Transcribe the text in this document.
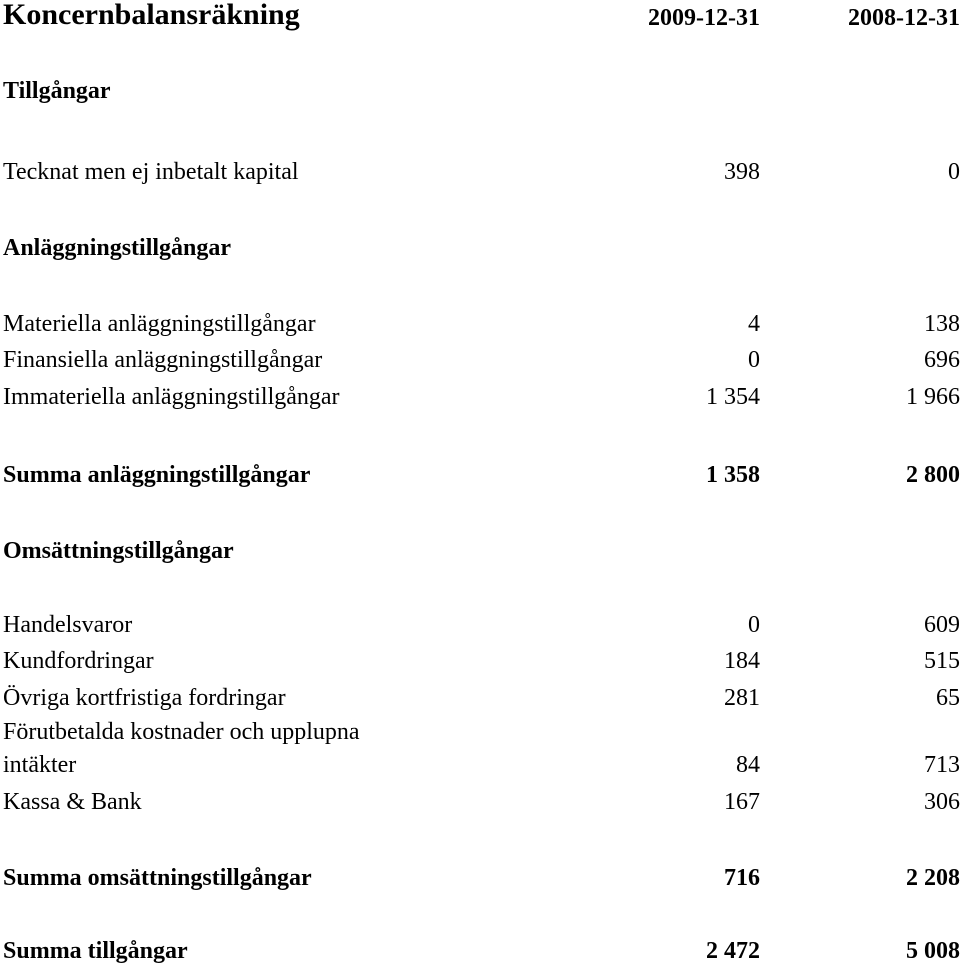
Koncernbalansräkning	2009-12-31	2008-12-31
Tillgångar
Tecknat men ej inbetalt kapital	398	0
Anläggningstillgångar
Materiella anläggningstillgångar	4	138
Finansiella anläggningstillgångar	0	696
Immateriella anläggningstillgångar	1 354	1 966
Summa anläggningstillgångar	1 358	2 800
Omsättningstillgångar
Handelsvaror	0	609
Kundfordringar	184	515
Övriga kortfristiga fordringar	281	65
Förutbetalda kostnader och upplupna
intäkter	84	713
Kassa & Bank	167	306
Summa omsättningstillgångar	716	2 208
Summa tillgångar	2 472	5 008
